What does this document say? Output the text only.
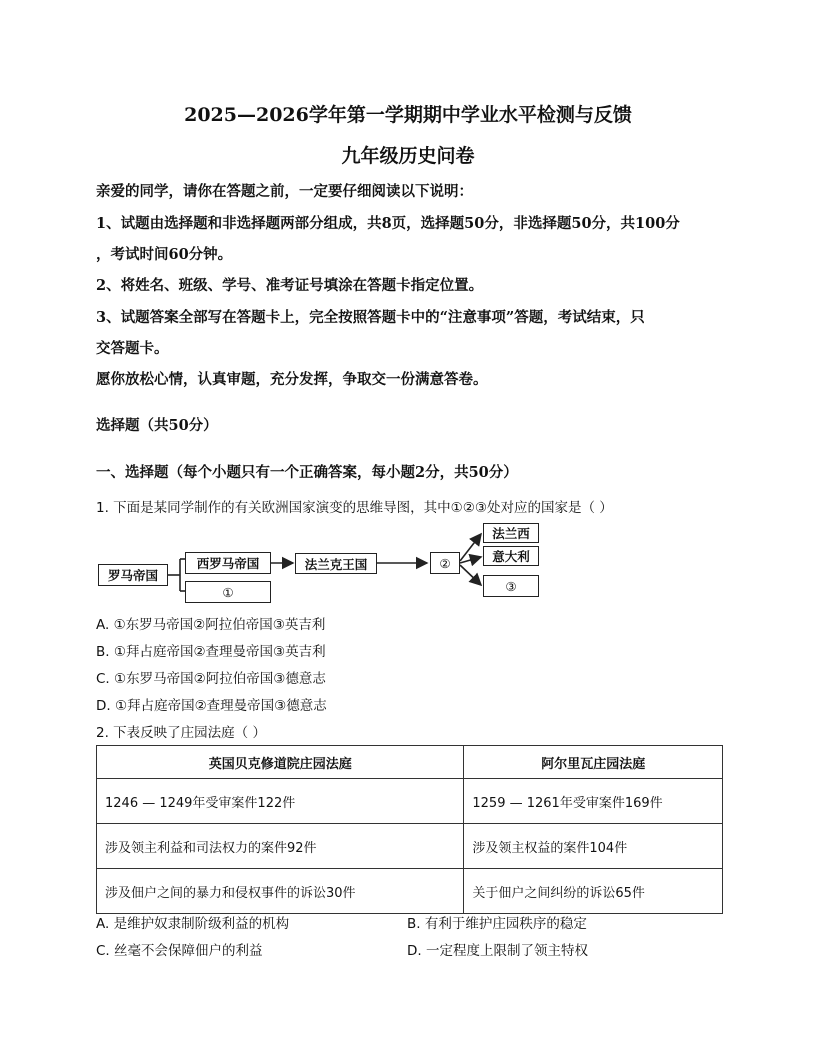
2025—2026学年第一学期期中学业水平检测与反馈
九年级历史问卷
亲爱的同学，请你在答题之前，一定要仔细阅读以下说明：
1、试题由选择题和非选择题两部分组成，共8页，选择题50分，非选择题50分，共100分
，考试时间60分钟。
2、将姓名、班级、学号、准考证号填涂在答题卡指定位置。
3、试题答案全部写在答题卡上，完全按照答题卡中的“注意事项”答题，考试结束，只
交答题卡。
愿你放松心情，认真审题，充分发挥，争取交一份满意答卷。
选择题（共50分）
一、选择题（每个小题只有一个正确答案，每小题2分，共50分）
1. 下面是某同学制作的有关欧洲国家演变的思维导图，其中①②③处对应的国家是（ ）
罗马帝国
西罗马帝国
①
法兰克王国	②
法兰西
意大利
③
A. ①东罗马帝国②阿拉伯帝国③英吉利
B. ①拜占庭帝国②查理曼帝国③英吉利
C. ①东罗马帝国②阿拉伯帝国③德意志
D. ①拜占庭帝国②查理曼帝国③德意志
2. 下表反映了庄园法庭（ ）
英国贝克修道院庄园法庭	阿尔里瓦庄园法庭
1246 — 1249年受审案件122件	1259 — 1261年受审案件169件
涉及领主利益和司法权力的案件92件	涉及领主权益的案件104件
涉及佃户之间的暴力和侵权事件的诉讼30件	关于佃户之间纠纷的诉讼65件
A. 是维护奴隶制阶级利益的机构	B. 有利于维护庄园秩序的稳定
C. 丝毫不会保障佃户的利益	D. 一定程度上限制了领主特权
